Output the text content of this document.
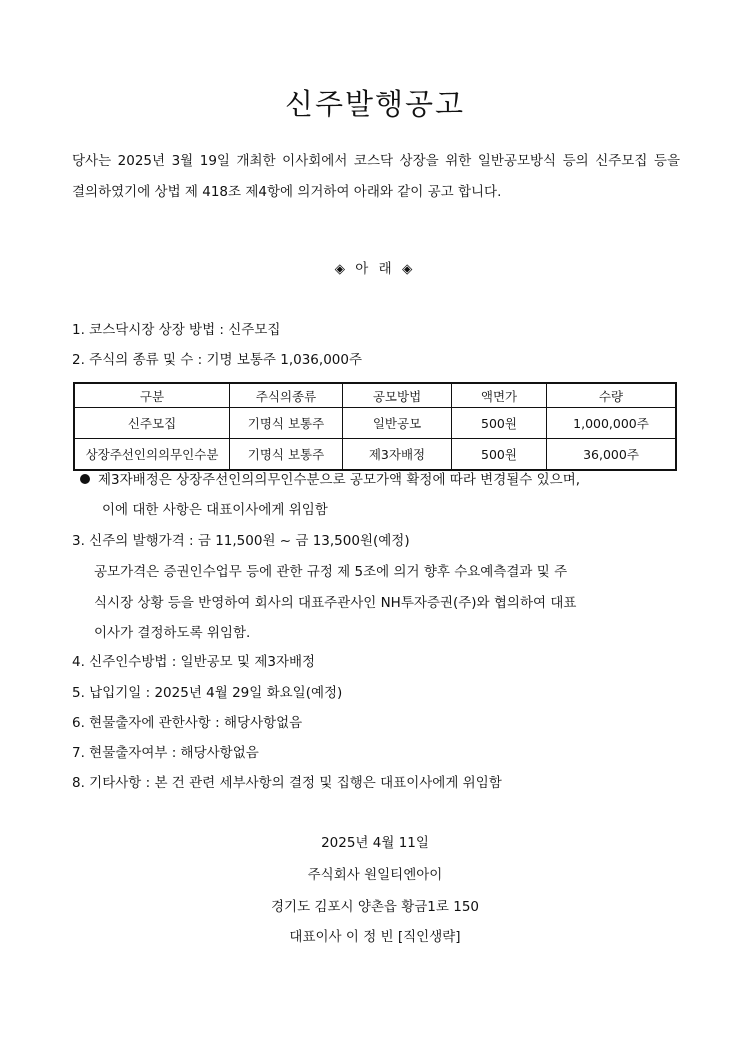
신주발행공고
당사는 2025년 3월 19일 개최한 이사회에서 코스닥 상장을 위한 일반공모방식 등의 신주모집 등을 결의하였기에 상법 제 418조 제4항에 의거하여 아래와 같이 공고 합니다.
◈ 아 래 ◈
1. 코스닥시장 상장 방법 : 신주모집
2. 주식의 종류 및 수 : 기명 보통주 1,036,000주
구분	주식의종류	공모방법	액면가	수량
신주모집	기명식 보통주	일반공모	500원	1,000,000주
상장주선인의의무인수분	기명식 보통주	제3자배정	500원	36,000주
제3자배정은 상장주선인의의무인수분으로 공모가액 확정에 따라 변경될수 있으며,
이에 대한 사항은 대표이사에게 위임함
3. 신주의 발행가격 : 금 11,500원 ~ 금 13,500원(예정)
공모가격은 증권인수업무 등에 관한 규정 제 5조에 의거 향후 수요예측결과 및 주
식시장 상황 등을 반영하여 회사의 대표주관사인 NH투자증권(주)와 협의하여 대표
이사가 결정하도록 위임함.
4. 신주인수방법 : 일반공모 및 제3자배정
5. 납입기일 : 2025년 4월 29일 화요일(예정)
6. 현물출자에 관한사항 : 해당사항없음
7. 현물출자여부 : 해당사항없음
8. 기타사항 : 본 건 관련 세부사항의 결정 및 집행은 대표이사에게 위임함
2025년 4월 11일
주식회사 원일티엔아이
경기도 김포시 양촌읍 황금1로 150
대표이사 이 정 빈 [직인생략]
